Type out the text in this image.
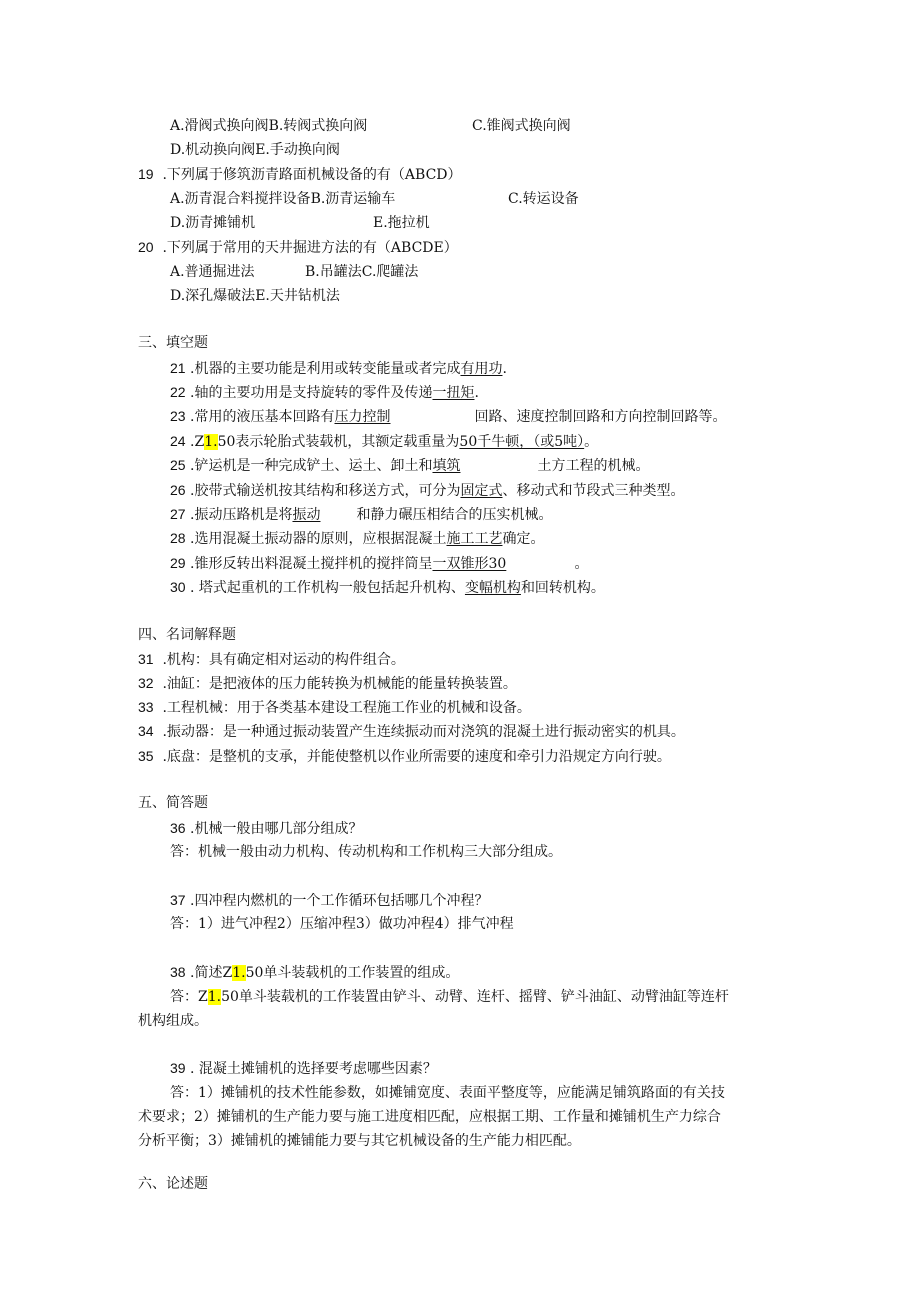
A.滑阀式换向阀B.转阀式换向阀	C.锥阀式换向阀
D.机动换向阀E.手动换向阀
19 .下列属于修筑沥青路面机械设备的有（ABCD）
A.沥青混合料搅拌设备B.沥青运输车	C.转运设备
D.沥青摊铺机	E.拖拉机
20 .下列属于常用的天井掘进方法的有（ABCDE）
A.普通掘进法	B.吊罐法C.爬罐法
D.深孔爆破法E.天井钻机法
三、填空题
21 .机器的主要功能是利用或转变能量或者完成有用功.
22 .轴的主要功用是支持旋转的零件及传递一扭矩.
23 .常用的液压基本回路有压力控制	回路、速度控制回路和方向控制回路等。
24 .Z1.50表示轮胎式装载机，其额定载重量为50千牛顿，（或5吨）。
25 .铲运机是一种完成铲土、运土、卸土和填筑	土方工程的机械。
26 .胶带式输送机按其结构和移送方式，可分为固定式、移动式和节段式三种类型。
27 .振动压路机是将振动	和静力碾压相结合的压实机械。
28 .选用混凝土振动器的原则，应根据混凝土施工工艺确定。
29 .锥形反转出料混凝土搅拌机的搅拌筒呈一双锥形30	。
30 . 塔式起重机的工作机构一般包括起升机构、变幅机构和回转机构。
四、名词解释题
31 .机构：具有确定相对运动的构件组合。
32 .油缸：是把液体的压力能转换为机械能的能量转换装置。
33 .工程机械：用于各类基本建设工程施工作业的机械和设备。
34 .振动器：是一种通过振动装置产生连续振动而对浇筑的混凝土进行振动密实的机具。
35 .底盘：是整机的支承，并能使整机以作业所需要的速度和牵引力沿规定方向行驶。
五、简答题
36 .机械一般由哪几部分组成？
答：机械一般由动力机构、传动机构和工作机构三大部分组成。
37 .四冲程内燃机的一个工作循环包括哪几个冲程？
答：1）进气冲程2）压缩冲程3）做功冲程4）排气冲程
38 .简述Z1.50单斗装载机的工作装置的组成。
答：Z1.50单斗装载机的工作装置由铲斗、动臂、连杆、摇臂、铲斗油缸、动臂油缸等连杆
机构组成。
39 . 混凝土摊铺机的选择要考虑哪些因素？
答：1）摊铺机的技术性能参数，如摊铺宽度、表面平整度等，应能满足铺筑路面的有关技
术要求；2）摊铺机的生产能力要与施工进度相匹配，应根据工期、工作量和摊铺机生产力综合
分析平衡；3）摊铺机的摊铺能力要与其它机械设备的生产能力相匹配。
六、论述题
